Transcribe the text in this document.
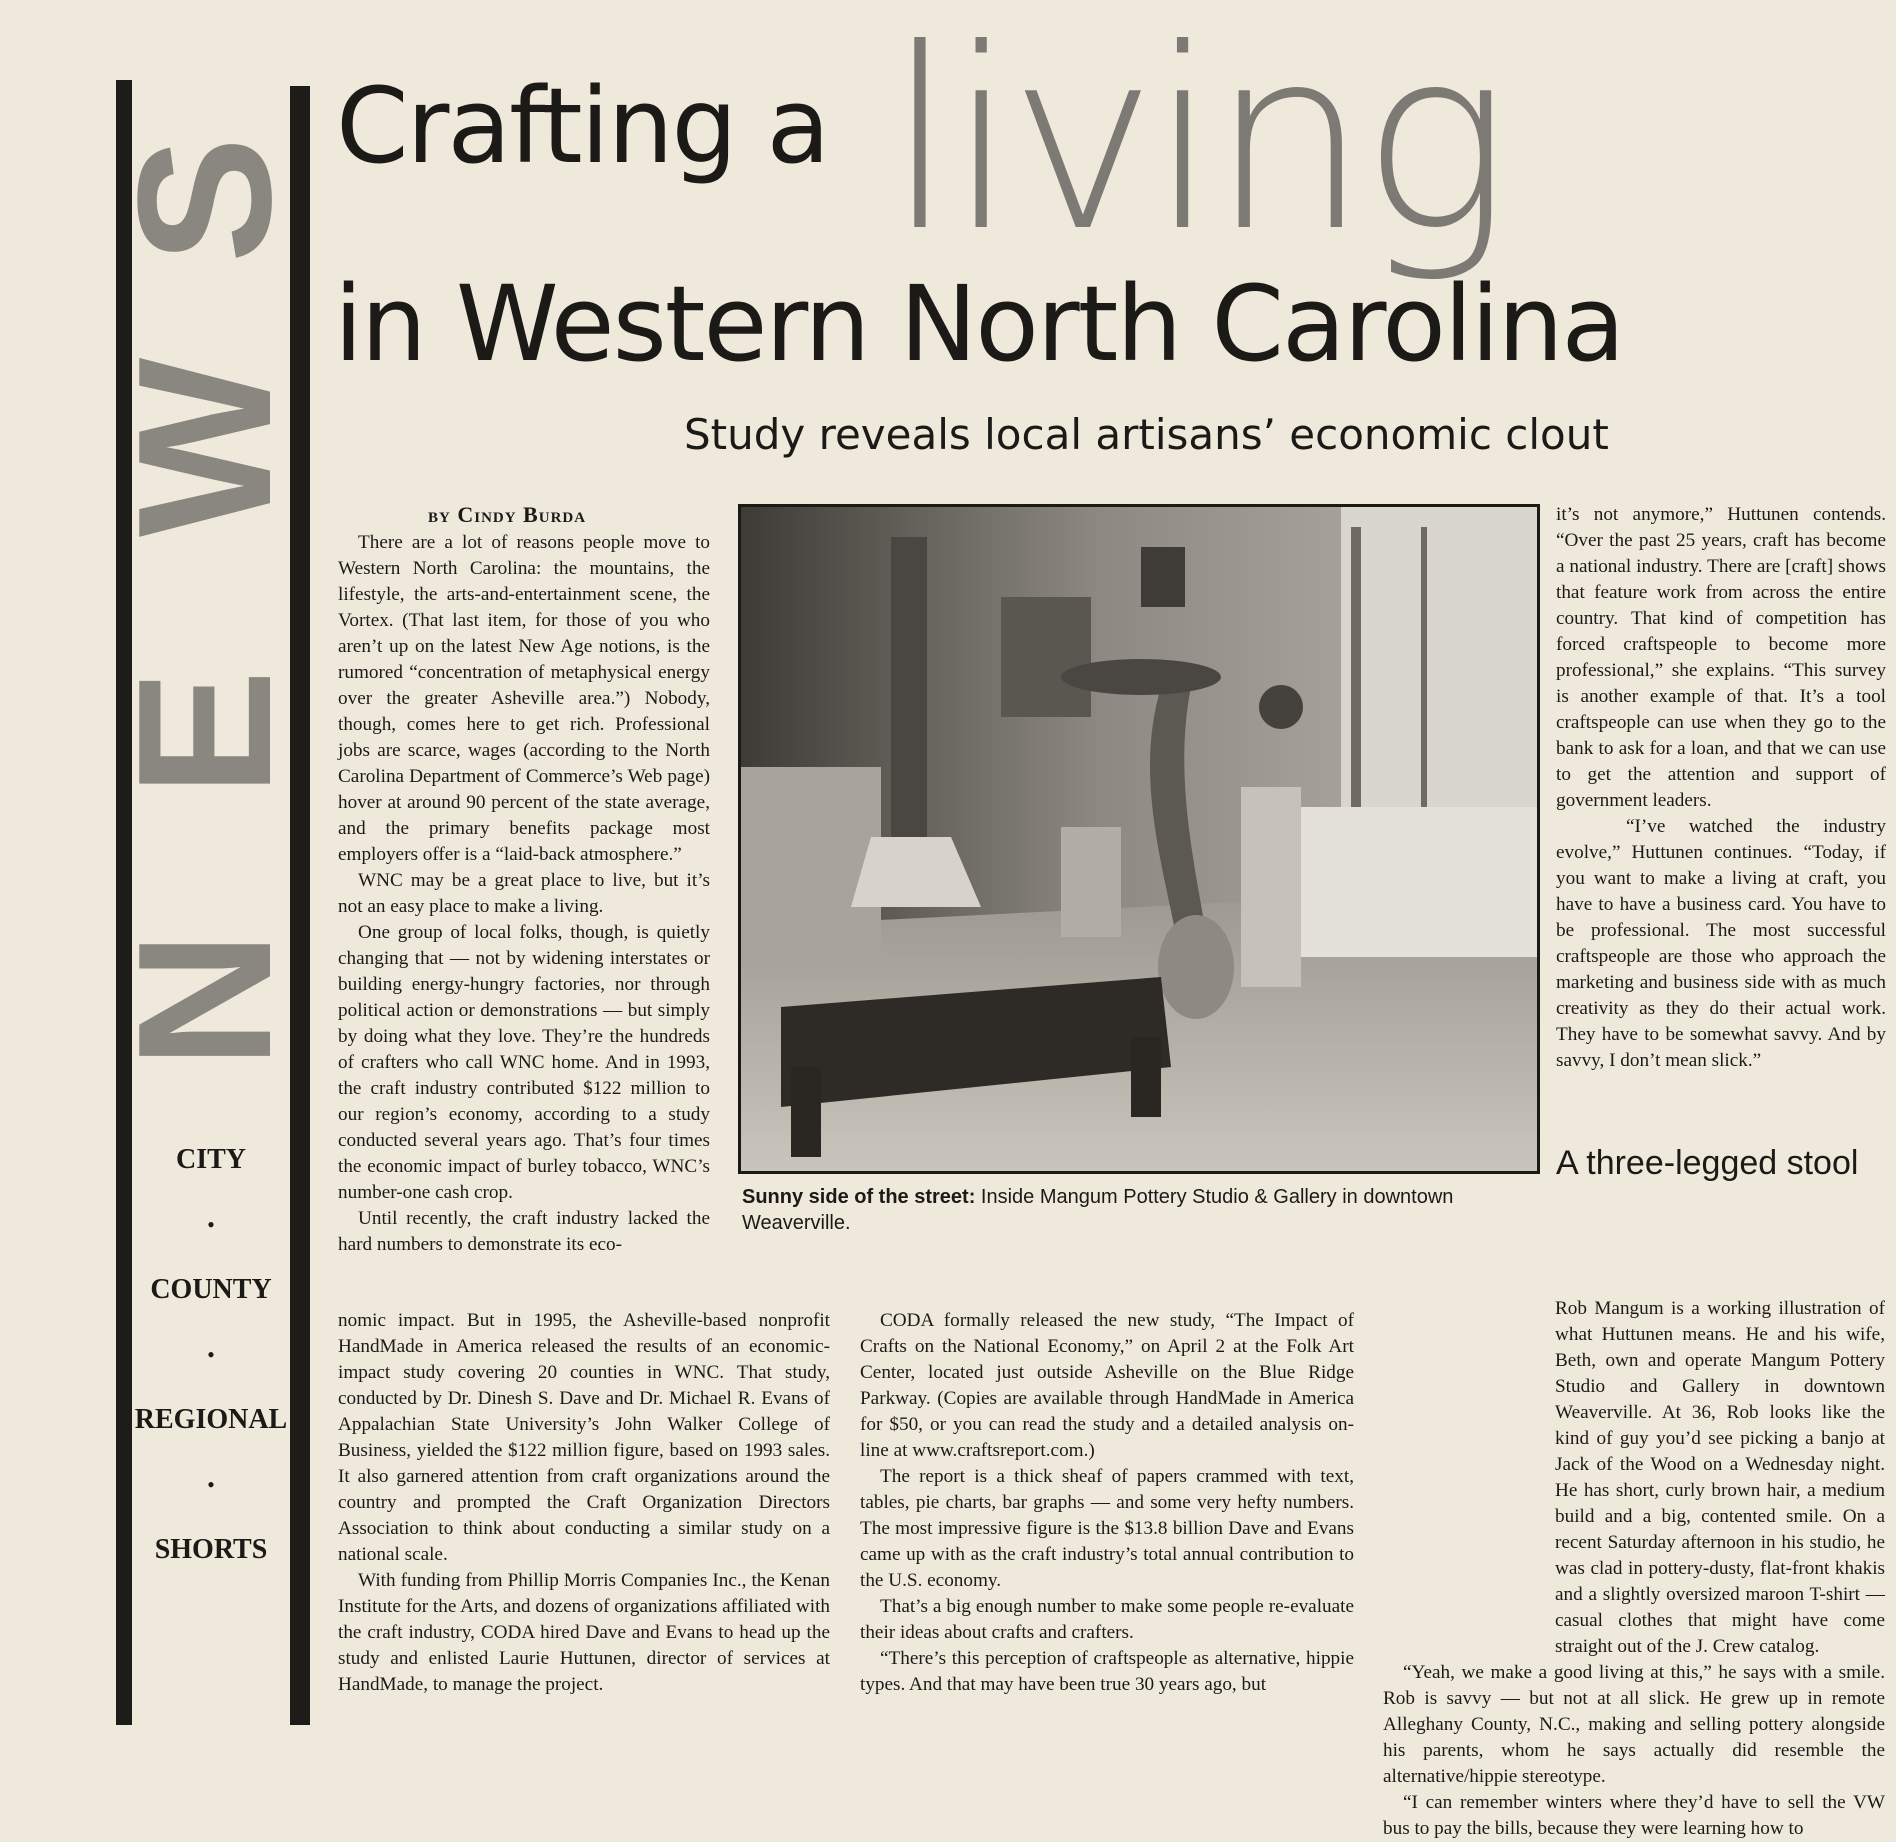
S
W
E
N
CITY
•
COUNTY
•
REGIONAL
•
SHORTS
living
Crafting a
in Western North Carolina
Study reveals local artisans’ economic clout
by Cindy Burda

There are a lot of reasons people move to Western North Carolina: the mountains, the lifestyle, the arts-and-entertainment scene, the Vortex. (That last item, for those of you who aren’t up on the latest New Age notions, is the rumored “concentration of metaphysical energy over the greater Asheville area.”) Nobody, though, comes here to get rich. Professional jobs are scarce, wages (according to the North Carolina Department of Commerce’s Web page) hover at around 90 percent of the state average, and the primary benefits package most employers offer is a “laid-back atmosphere.”

WNC may be a great place to live, but it’s not an easy place to make a living.

One group of local folks, though, is quietly changing that — not by widening interstates or building energy-hungry factories, nor through political action or demonstrations — but simply by doing what they love. They’re the hundreds of crafters who call WNC home. And in 1993, the craft industry contributed $122 million to our region’s economy, according to a study conducted several years ago. That’s four times the economic impact of burley tobacco, WNC’s number-one cash crop.

Until recently, the craft industry lacked the hard numbers to demonstrate its eco-

Sunny side of the street: Inside Mangum Pottery Studio & Gallery in downtown Weaverville.

nomic impact. But in 1995, the Asheville-based nonprofit HandMade in America released the results of an economic-impact study covering 20 counties in WNC. That study, conducted by Dr. Dinesh S. Dave and Dr. Michael R. Evans of Appalachian State University’s John Walker College of Business, yielded the $122 million figure, based on 1993 sales. It also garnered attention from craft organizations around the country and prompted the Craft Organization Directors Association to think about conducting a similar study on a national scale.

With funding from Phillip Morris Companies Inc., the Kenan Institute for the Arts, and dozens of organizations affiliated with the craft industry, CODA hired Dave and Evans to head up the study and enlisted Laurie Huttunen, director of services at HandMade, to manage the project.

CODA formally released the new study, “The Impact of Crafts on the National Economy,” on April 2 at the Folk Art Center, located just outside Asheville on the Blue Ridge Parkway. (Copies are available through HandMade in America for $50, or you can read the study and a detailed analysis on-line at www.craftsreport.com.)

The report is a thick sheaf of papers crammed with text, tables, pie charts, bar graphs — and some very hefty numbers. The most impressive figure is the $13.8 billion Dave and Evans came up with as the craft industry’s total annual contribution to the U.S. economy.

That’s a big enough number to make some people re-evaluate their ideas about crafts and crafters.

“There’s this perception of craftspeople as alternative, hippie types. And that may have been true 30 years ago, but

it’s not anymore,” Huttunen contends. “Over the past 25 years, craft has become a national industry. There are [craft] shows that feature work from across the entire country. That kind of competition has forced craftspeople to become more professional,” she explains. “This survey is another example of that. It’s a tool craftspeople can use when they go to the bank to ask for a loan, and that we can use to get the attention and support of government leaders.

“I’ve watched the industry evolve,” Huttunen continues. “Today, if you want to make a living at craft, you have to have a business card. You have to be professional. The most successful craftspeople are those who approach the marketing and business side with as much creativity as they do their actual work. They have to be somewhat savvy. And by savvy, I don’t mean slick.”

A three-legged stool

Rob Mangum is a working illustration of what Huttunen means. He and his wife, Beth, own and operate Mangum Pottery Studio and Gallery in downtown Weaverville. At 36, Rob looks like the kind of guy you’d see picking a banjo at Jack of the Wood on a Wednesday night. He has short, curly brown hair, a medium build and a big, contented smile. On a recent Saturday afternoon in his studio, he was clad in pottery-dusty, flat-front khakis and a slightly oversized maroon T-shirt — casual clothes that might have come straight out of the J. Crew catalog.

“Yeah, we make a good living at this,” he says with a smile. Rob is savvy — but not at all slick. He grew up in remote Alleghany County, N.C., making and selling pottery alongside his parents, whom he says actually did resemble the alternative/hippie stereotype.

“I can remember winters where they’d have to sell the VW bus to pay the bills, because they were learning how to
